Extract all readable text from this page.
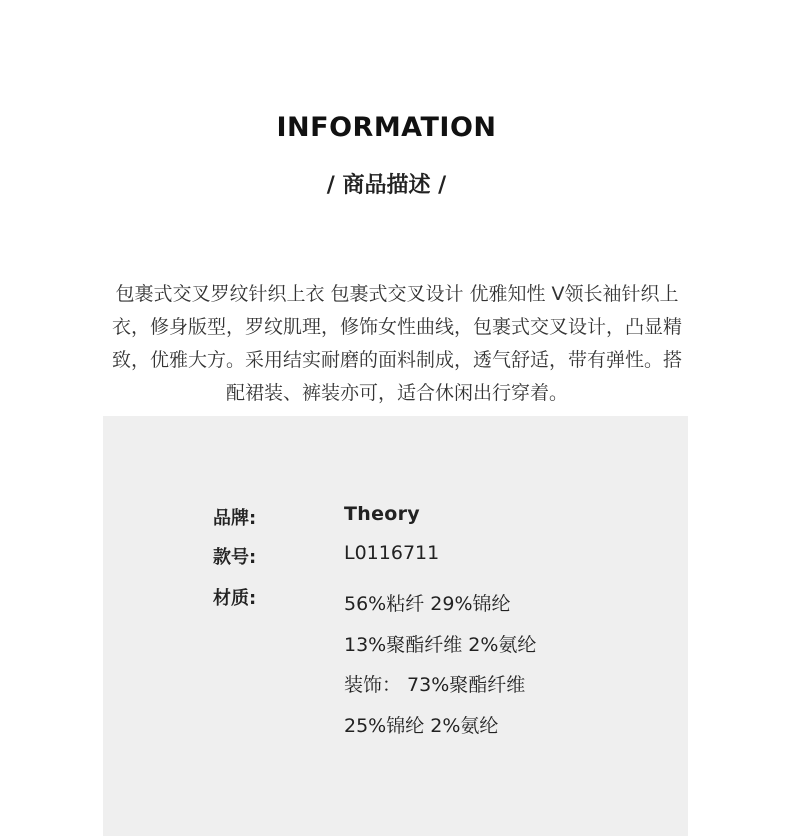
INFORMATION
/ 商品描述 /

包裹式交叉罗纹针织上衣 包裹式交叉设计 优雅知性 V领长袖针织上衣，修身版型，罗纹肌理，修饰女性曲线，包裹式交叉设计，凸显精致，优雅大方。采用结实耐磨的面料制成，透气舒适，带有弹性。搭配裙装、裤装亦可，适合休闲出行穿着。

品牌:	Theory
款号:	L0116711
材质:	56%粘纤 29%锦纶
13%聚酯纤维 2%氨纶
装饰： 73%聚酯纤维
25%锦纶 2%氨纶
